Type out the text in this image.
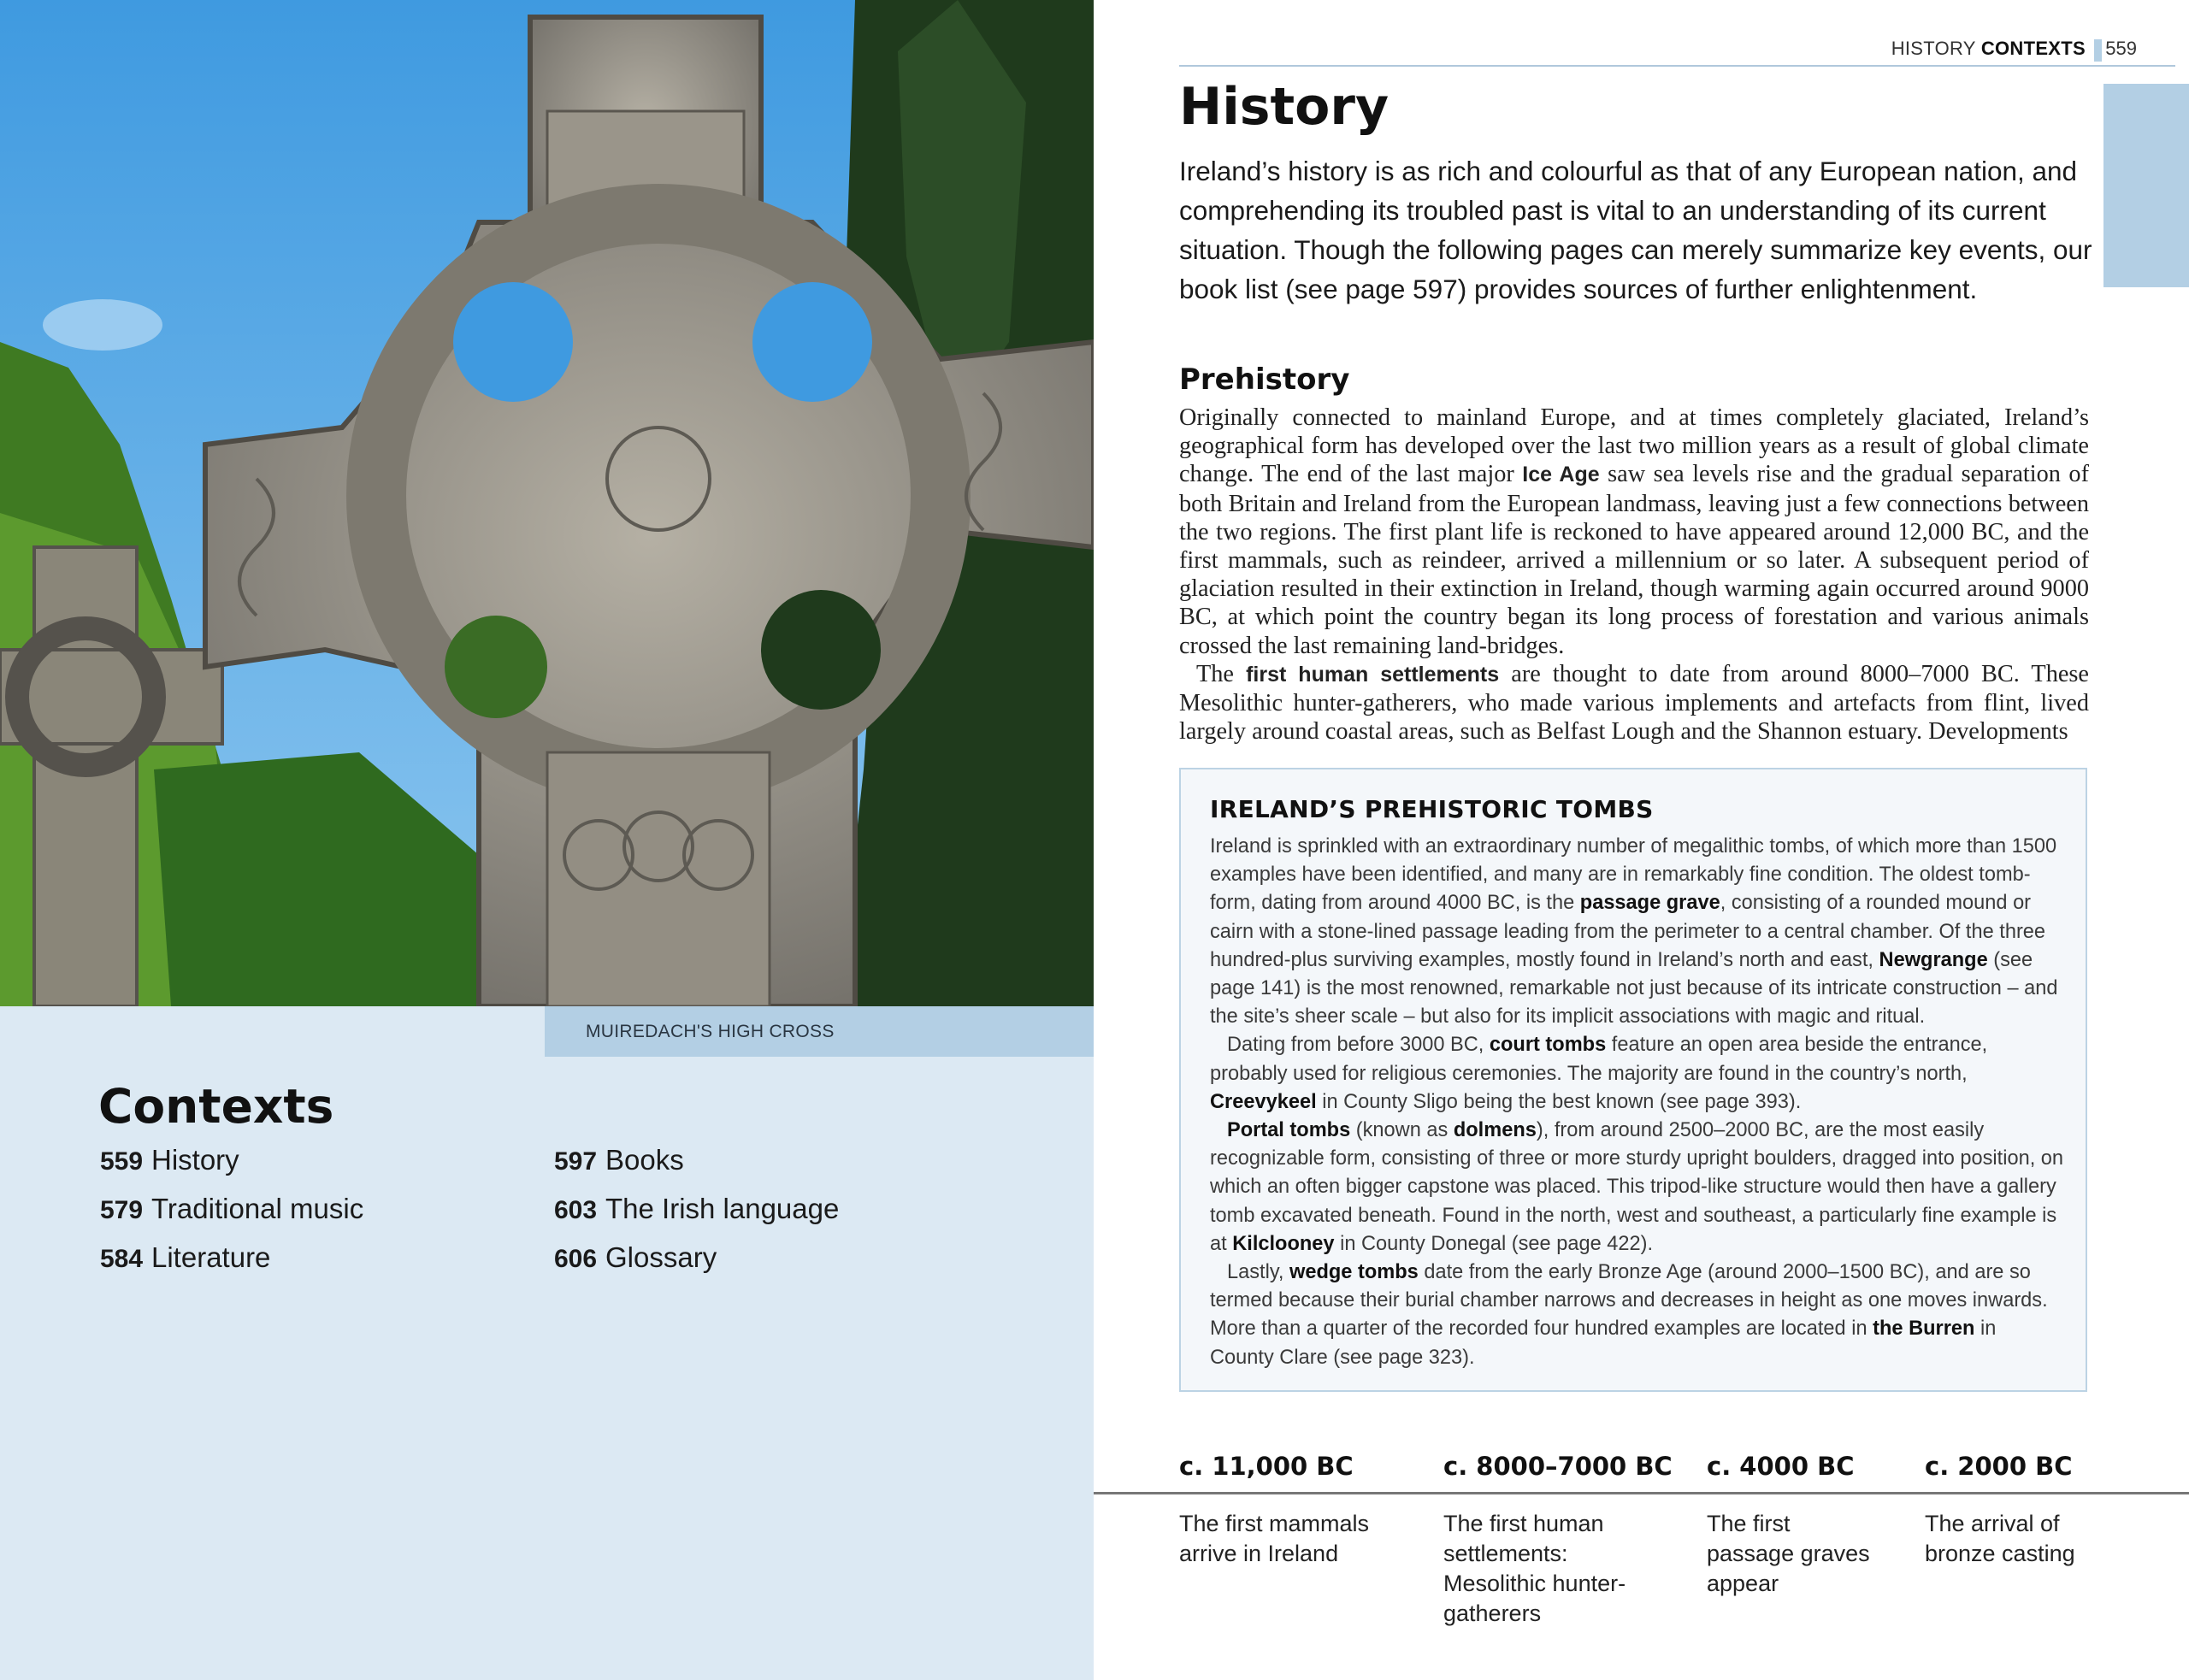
MUIREDACH'S HIGH CROSS
Contexts
559 History
579 Traditional music
584 Literature
597 Books
603 The Irish language
606 Glossary
HISTORY CONTEXTS 559
History

Ireland’s history is as rich and colourful as that of any European nation, and comprehending its troubled past is vital to an understanding of its current situation. Though the following pages can merely summarize key events, our book list (see page 597) provides sources of further enlightenment.

Prehistory

Originally connected to mainland Europe, and at times completely glaciated, Ireland’s geographical form has developed over the last two million years as a result of global climate change. The end of the last major Ice Age saw sea levels rise and the gradual separation of both Britain and Ireland from the European landmass, leaving just a few connections between the two regions. The first plant life is reckoned to have appeared around 12,000 BC, and the first mammals, such as reindeer, arrived a millennium or so later. A subsequent period of glaciation resulted in their extinction in Ireland, though warming again occurred around 9000 BC, at which point the country began its long process of forestation and various animals crossed the last remaining land-bridges.

The first human settlements are thought to date from around 8000–7000 BC. These Mesolithic hunter-gatherers, who made various implements and artefacts from flint, lived largely around coastal areas, such as Belfast Lough and the Shannon estuary. Developments

IRELAND’S PREHISTORIC TOMBS

Ireland is sprinkled with an extraordinary number of megalithic tombs, of which more than 1500 examples have been identified, and many are in remarkably fine condition. The oldest tomb-form, dating from around 4000 BC, is the passage grave, consisting of a rounded mound or cairn with a stone-lined passage leading from the perimeter to a central chamber. Of the three hundred-plus surviving examples, mostly found in Ireland’s north and east, Newgrange (see page 141) is the most renowned, remarkable not just because of its intricate construction – and the site’s sheer scale – but also for its implicit associations with magic and ritual.

Dating from before 3000 BC, court tombs feature an open area beside the entrance, probably used for religious ceremonies. The majority are found in the country’s north, Creevykeel in County Sligo being the best known (see page 393).

Portal tombs (known as dolmens), from around 2500–2000 BC, are the most easily recognizable form, consisting of three or more sturdy upright boulders, dragged into position, on which an often bigger capstone was placed. This tripod-like structure would then have a gallery tomb excavated beneath. Found in the north, west and southeast, a particularly fine example is at Kilclooney in County Donegal (see page 422).

Lastly, wedge tombs date from the early Bronze Age (around 2000–1500 BC), and are so termed because their burial chamber narrows and decreases in height as one moves inwards. More than a quarter of the recorded four hundred examples are located in the Burren in County Clare (see page 323).

c. 11,000 BC	c. 8000–7000 BC c. 4000 BC	c. 2000 BC
The first mammals arrive in Ireland
The first human settlements: Mesolithic hunter-gatherers
The first passage graves appear
The arrival of bronze casting
